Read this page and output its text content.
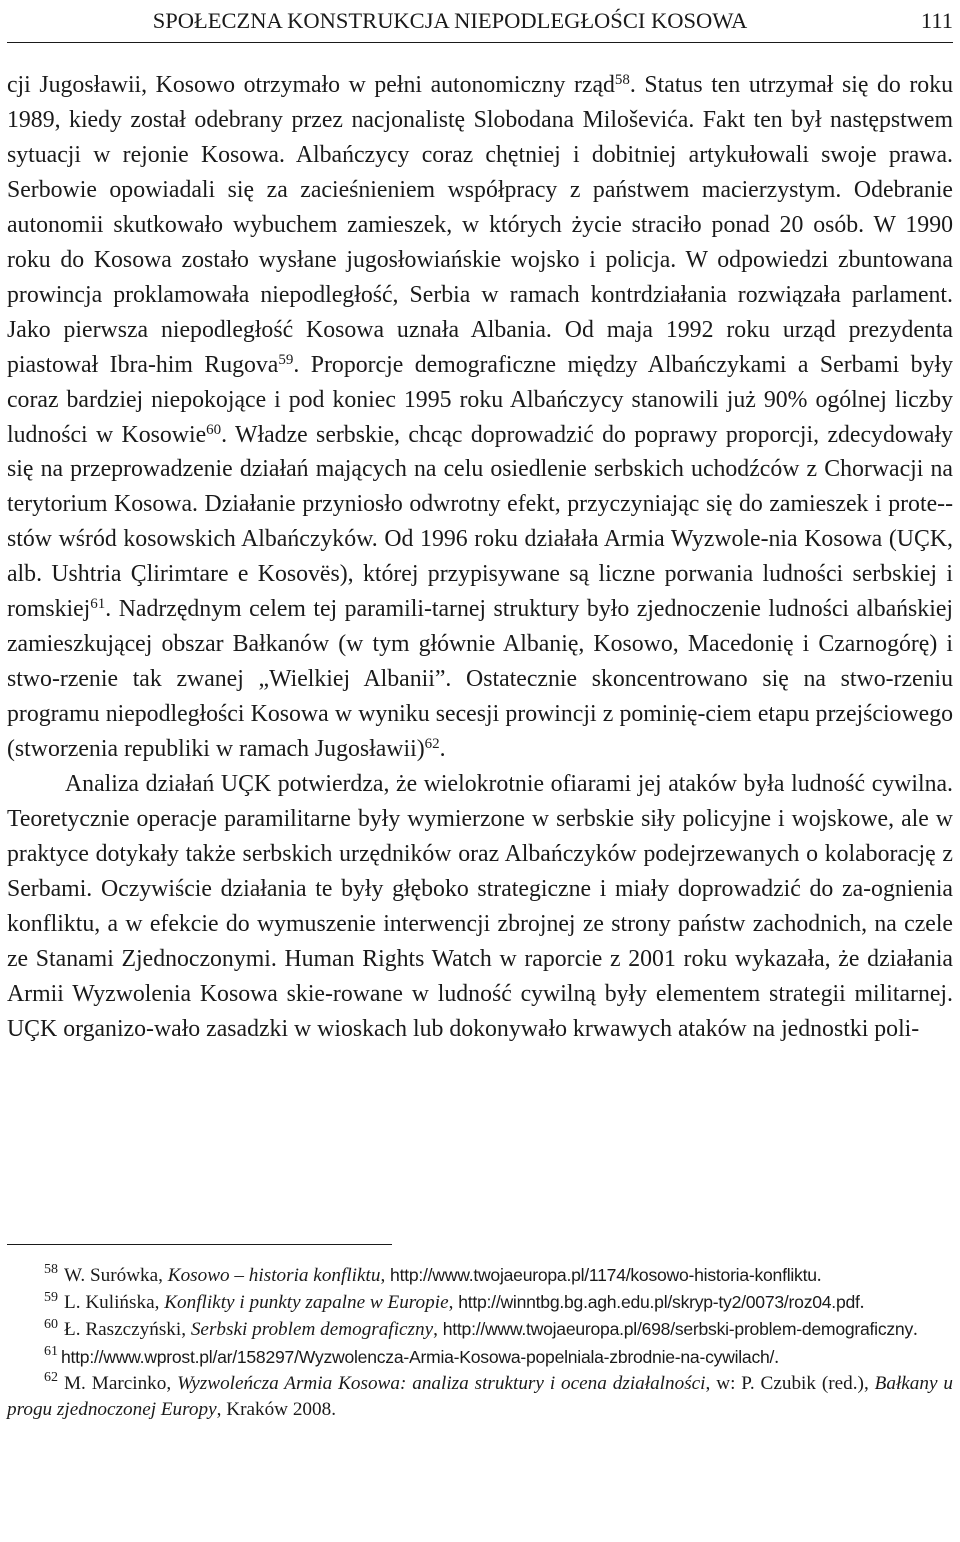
SPOŁECZNA KONSTRUKCJA NIEPODLEGŁOŚCI KOSOWA	111

cji Jugosławii, Kosowo otrzymało w pełni autonomiczny rząd$^{58}$. Status ten utrzymał się do roku 1989, kiedy został odebrany przez nacjonalistę Slobodana Miloševića. Fakt ten był następstwem sytuacji w rejonie Kosowa. Albańczycy coraz chętniej i dobitniej artykułowali swoje prawa. Serbowie opowiadali się za zacieśnieniem współpracy z państwem macierzystym. Odebranie autonomii skutkowało wybuchem zamieszek, w których życie straciło ponad 20 osób. W 1990 roku do Kosowa zostało wysłane jugosłowiańskie wojsko i policja. W odpowiedzi zbuntowana prowincja proklamowała niepodległość, Serbia w ramach kontrdziałania rozwiązała parlament. Jako pierwsza niepodległość Kosowa uznała Albania. Od maja 1992 roku urząd prezydenta piastował Ibra-him Rugova$^{59}$. Proporcje demograficzne między Albańczykami a Serbami były coraz bardziej niepokojące i pod koniec 1995 roku Albańczycy stanowili już 90% ogólnej liczby ludności w Kosowie$^{60}$. Władze serbskie, chcąc doprowadzić do poprawy proporcji, zdecydowały się na przeprowadzenie działań mających na celu osiedlenie serbskich uchodźców z Chorwacji na terytorium Kosowa. Działanie przyniosło odwrotny efekt, przyczyniając się do zamieszek i prote-stów wśród kosowskich Albańczyków. Od 1996 roku działała Armia Wyzwole-nia Kosowa (UÇK, alb. Ushtria Çlirimtare e Kosovës), której przypisywane są liczne porwania ludności serbskiej i romskiej$^{61}$. Nadrzędnym celem tej paramili-tarnej struktury było zjednoczenie ludności albańskiej zamieszkującej obszar Bałkanów (w tym głównie Albanię, Kosowo, Macedonię i Czarnogórę) i stwo-rzenie tak zwanej „Wielkiej Albanii”. Ostatecznie skoncentrowano się na stwo-rzeniu programu niepodległości Kosowa w wyniku secesji prowincji z pominię-ciem etapu przejściowego (stworzenia republiki w ramach Jugosławii)$^{62}$.

Analiza działań UÇK potwierdza, że wielokrotnie ofiarami jej ataków była ludność cywilna. Teoretycznie operacje paramilitarne były wymierzone w serbskie siły policyjne i wojskowe, ale w praktyce dotykały także serbskich urzędników oraz Albańczyków podejrzewanych o kolaborację z Serbami. Oczywiście działania te były głęboko strategiczne i miały doprowadzić do za-ognienia konfliktu, a w efekcie do wymuszenie interwencji zbrojnej ze strony państw zachodnich, na czele ze Stanami Zjednoczonymi. Human Rights Watch w raporcie z 2001 roku wykazała, że działania Armii Wyzwolenia Kosowa skie-rowane w ludność cywilną były elementem strategii militarnej. UÇK organizo-wało zasadzki w wioskach lub dokonywało krwawych ataków na jednostki poli-

$^{58}$ W. Surówka, Kosowo – historia konfliktu, http://www.twojaeuropa.pl/1174/kosowo-historia-konfliktu.

$^{59}$ L. Kulińska, Konflikty i punkty zapalne w Europie, http://winntbg.bg.agh.edu.pl/skryp-ty2/0073/roz04.pdf.

$^{60}$ Ł. Raszczyński, Serbski problem demograficzny, http://www.twojaeuropa.pl/698/serbski-problem-demograficzny.

$^{61}$ http://www.wprost.pl/ar/158297/Wyzwolencza-Armia-Kosowa-popelniala-zbrodnie-na-cywilach/.

$^{62}$ M. Marcinko, Wyzwoleńcza Armia Kosowa: analiza struktury i ocena działalności, w: P. Czubik (red.), Bałkany u progu zjednoczonej Europy, Kraków 2008.
